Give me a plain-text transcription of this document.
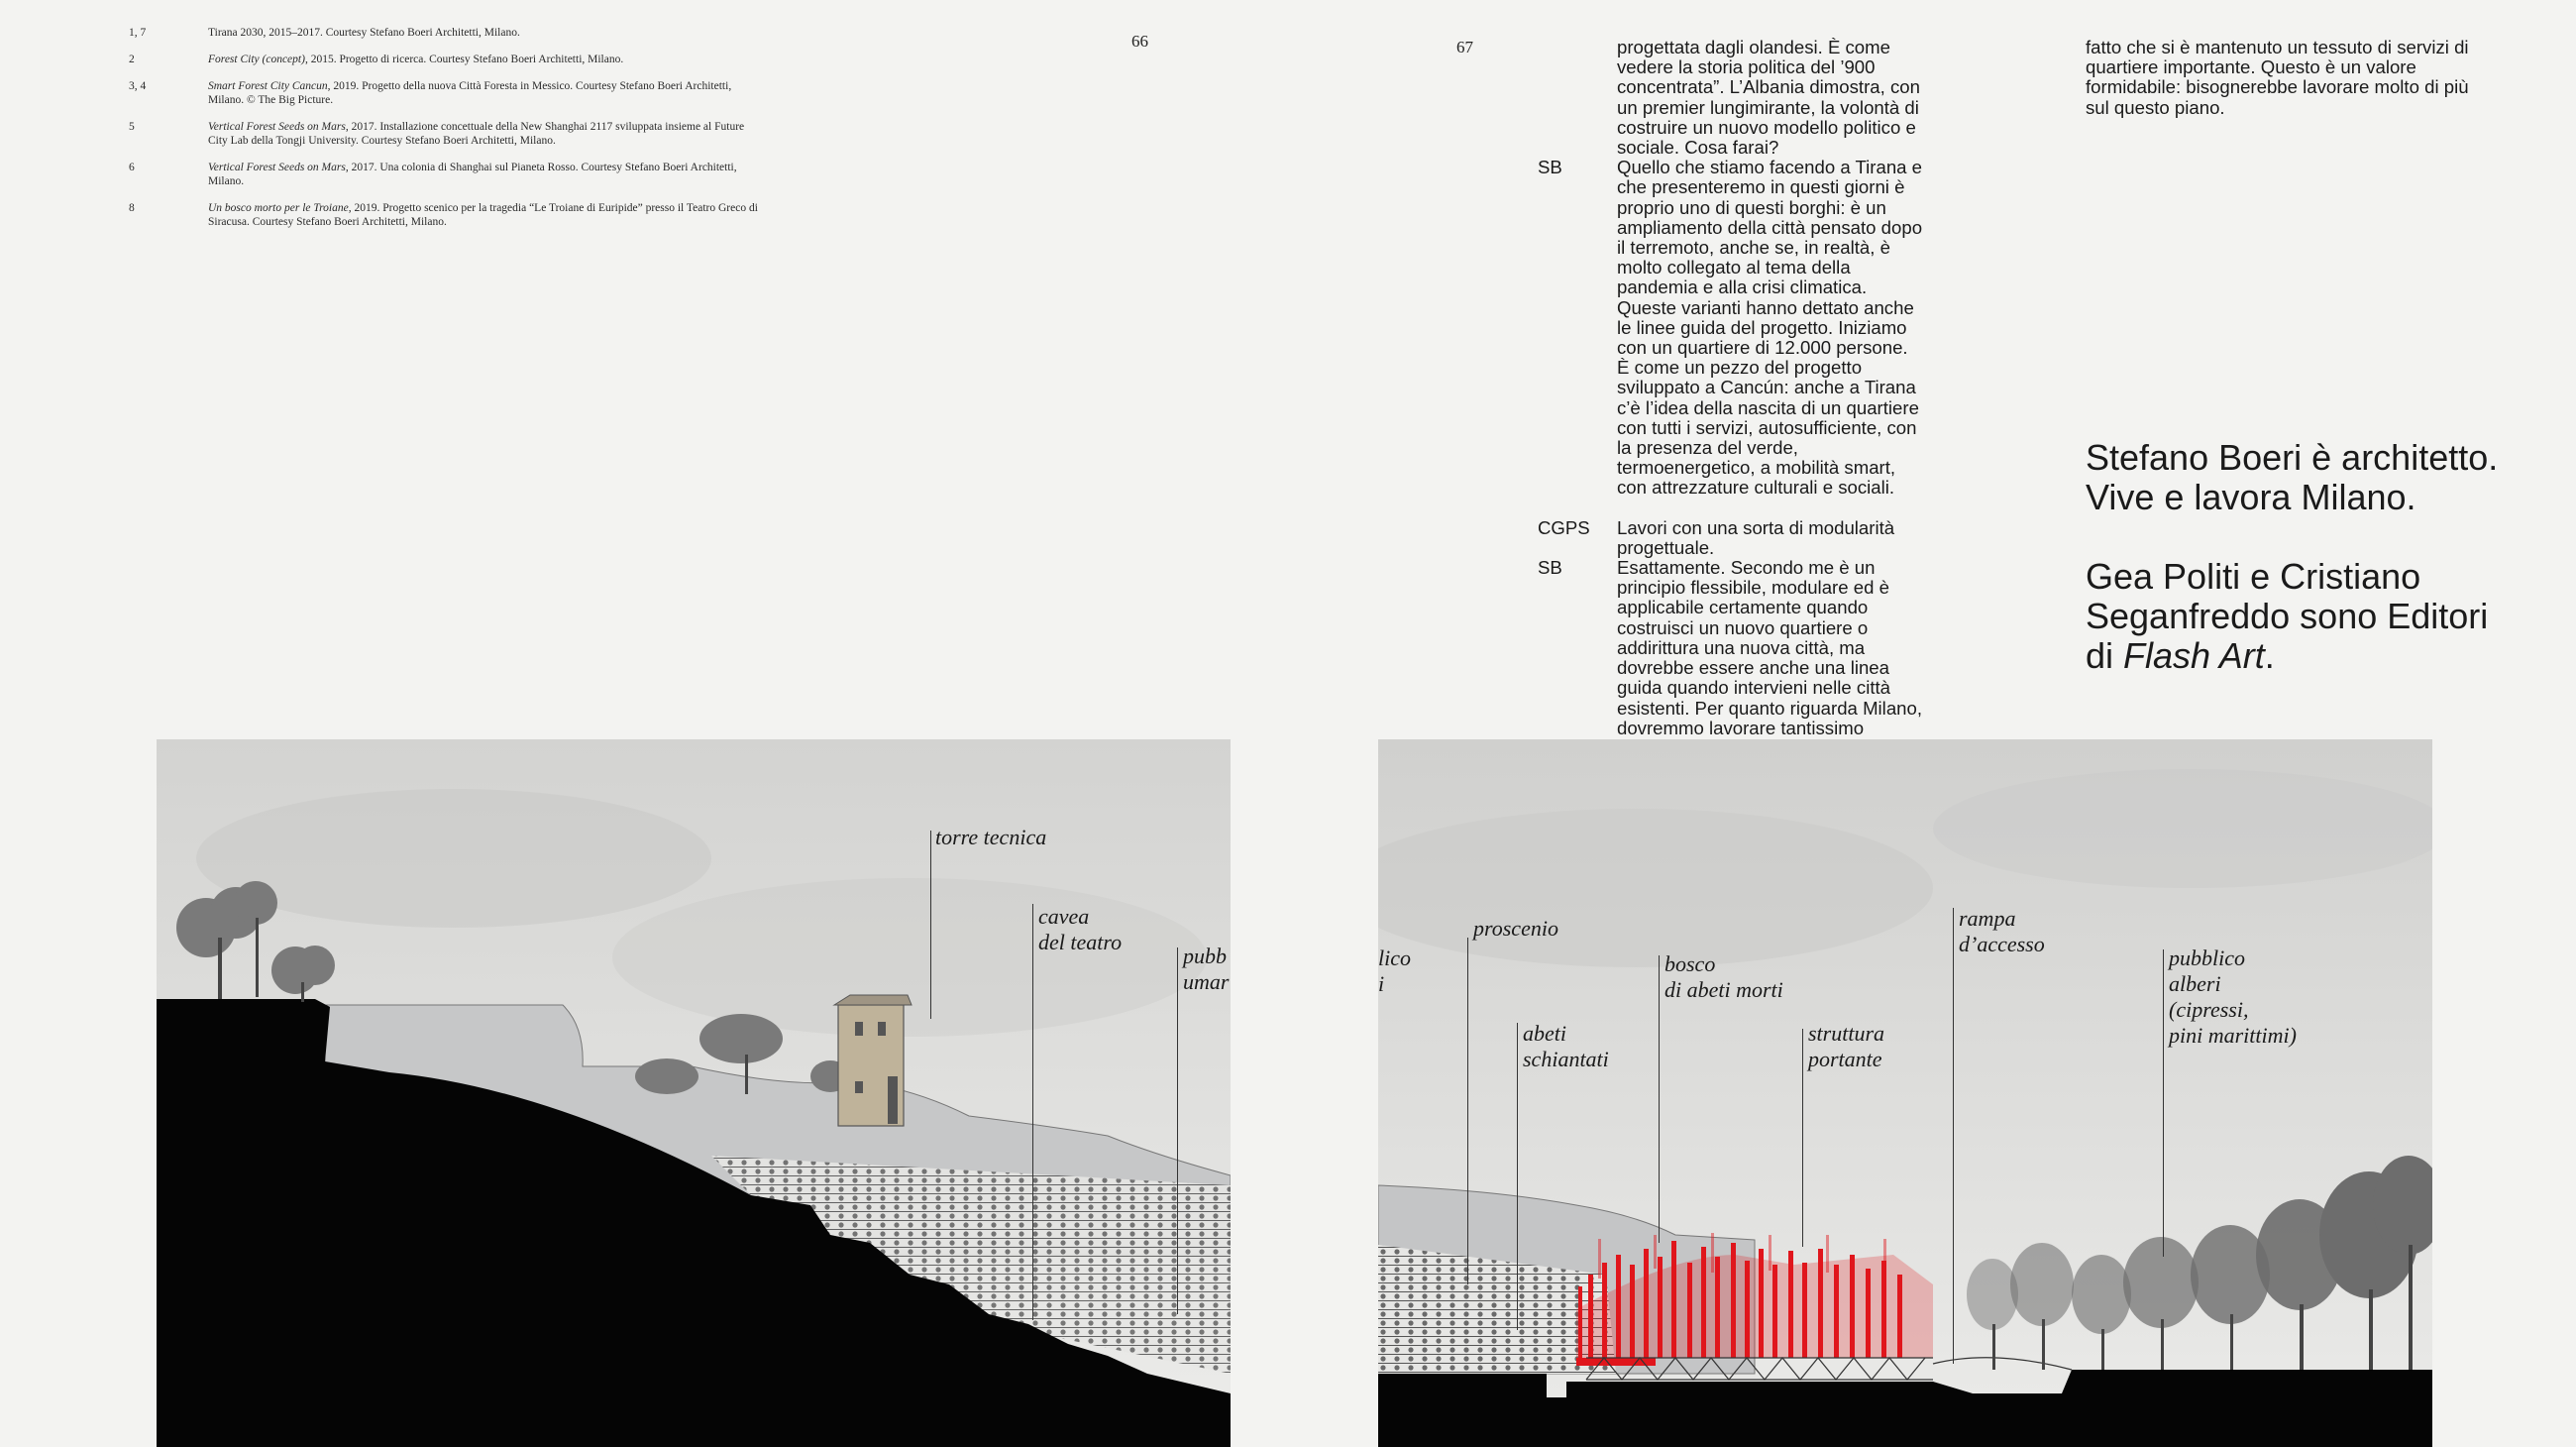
1, 7	Tirana 2030, 2015–2017. Courtesy Stefano Boeri Architetti, Milano.
2	Forest City (concept), 2015. Progetto di ricerca. Courtesy Stefano Boeri Architetti, Milano.
3, 4	Smart Forest City Cancun, 2019. Progetto della nuova Città Foresta in Messico. Courtesy Stefano Boeri Architetti, Milano. © The Big Picture.
5	Vertical Forest Seeds on Mars, 2017. Installazione concettuale della New Shanghai 2117 sviluppata insieme al Future City Lab della Tongji University. Courtesy Stefano Boeri Architetti, Milano.
6	Vertical Forest Seeds on Mars, 2017. Una colonia di Shanghai sul Pianeta Rosso. Courtesy Stefano Boeri Architetti, Milano.
8	Un bosco morto per le Troiane, 2019. Progetto scenico per la tragedia “Le Troiane di Euripide” presso il Teatro Greco di Siracusa. Courtesy Stefano Boeri Architetti, Milano.
66
torre tecnica
cavea
del teatro
pubb
umar
67	progettata dagli olandesi. È come vedere la storia politica del ’900 concentrata”. L’Albania dimostra, con un premier lungimirante, la volontà di costruire un nuovo modello politico e sociale. Cosa farai?
SB	Quello che stiamo facendo a Tirana e che presenteremo in questi giorni è proprio uno di questi borghi: è un ampliamento della città pensato dopo il terremoto, anche se, in realtà, è molto collegato al tema della pandemia e alla crisi climatica. Queste varianti hanno dettato anche le linee guida del progetto. Iniziamo con un quartiere di 12.000 persone. È come un pezzo del progetto sviluppato a Cancún: anche a Tirana c’è l’idea della nascita di un quartiere con tutti i servizi, autosufficiente, con la presenza del verde, termoenergetico, a mobilità smart, con attrezzature culturali e sociali.
CGPS	Lavori con una sorta di modularità progettuale.
SB	Esattamente. Secondo me è un principio flessibile, modulare ed è applicabile certamente quando costruisci un nuovo quartiere o addirittura una nuova città, ma dovrebbe essere anche una linea guida quando intervieni nelle città esistenti. Per quanto riguarda Milano, dovremmo lavorare tantissimo
fatto che si è mantenuto un tessuto di servizi di quartiere importante. Questo è un valore formidabile: bisognerebbe lavorare molto di più sul questo piano.

Stefano Boeri è architetto. Vive e lavora Milano.

Gea Politi e Cristiano Seganfreddo sono Editori di Flash Art.

lico
i
proscenio
abeti
schiantati
bosco
di abeti morti
struttura
portante
rampa
d’accesso
pubblico
alberi
(cipressi,
pini marittimi)
